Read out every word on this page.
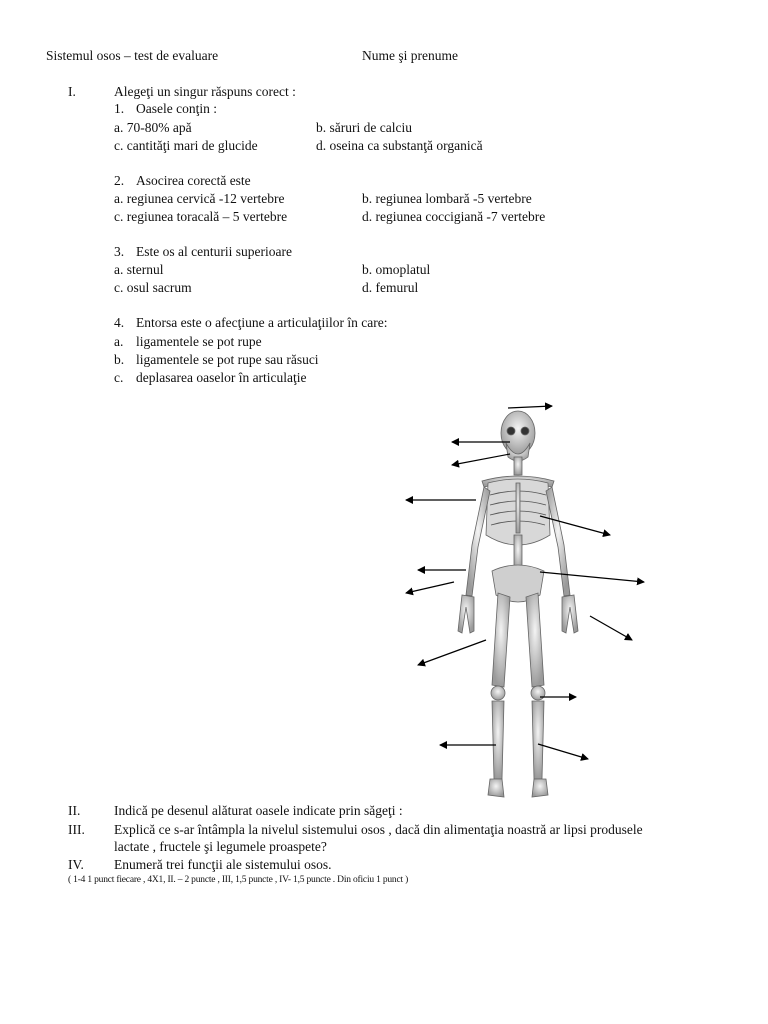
Sistemul osos – test de evaluare	Nume şi prenume
I.	Alegeţi un singur răspuns corect :
1. Oasele conţin :
a. 70-80% apă	b. săruri de calciu
c. cantităţi mari de glucide	d. oseina ca substanţă organică
2. Asocirea corectă este
a. regiunea cervică -12 vertebre	b. regiunea lombară -5 vertebre
c. regiunea toracală – 5 vertebre	d. regiunea coccigiană -7 vertebre
3. Este os al centurii superioare
a. sternul	b. omoplatul
c. osul sacrum	d. femurul
4. Entorsa este o afecţiune a articulaţiilor în care:
a. ligamentele se pot rupe
b. ligamentele se pot rupe sau răsuci
c. deplasarea oaselor în articulaţie
II. Indică pe desenul alăturat oasele indicate prin săgeţi :
III. Explică ce s-ar întâmpla la nivelul sistemului osos , dacă din alimentaţia noastră ar lipsi produsele
lactate , fructele şi legumele proaspete?
IV. Enumeră trei funcţii ale sistemului osos.
( 1-4 1 punct fiecare , 4X1, II. – 2 puncte , III, 1,5 puncte , IV- 1,5 puncte . Din oficiu 1 punct )
